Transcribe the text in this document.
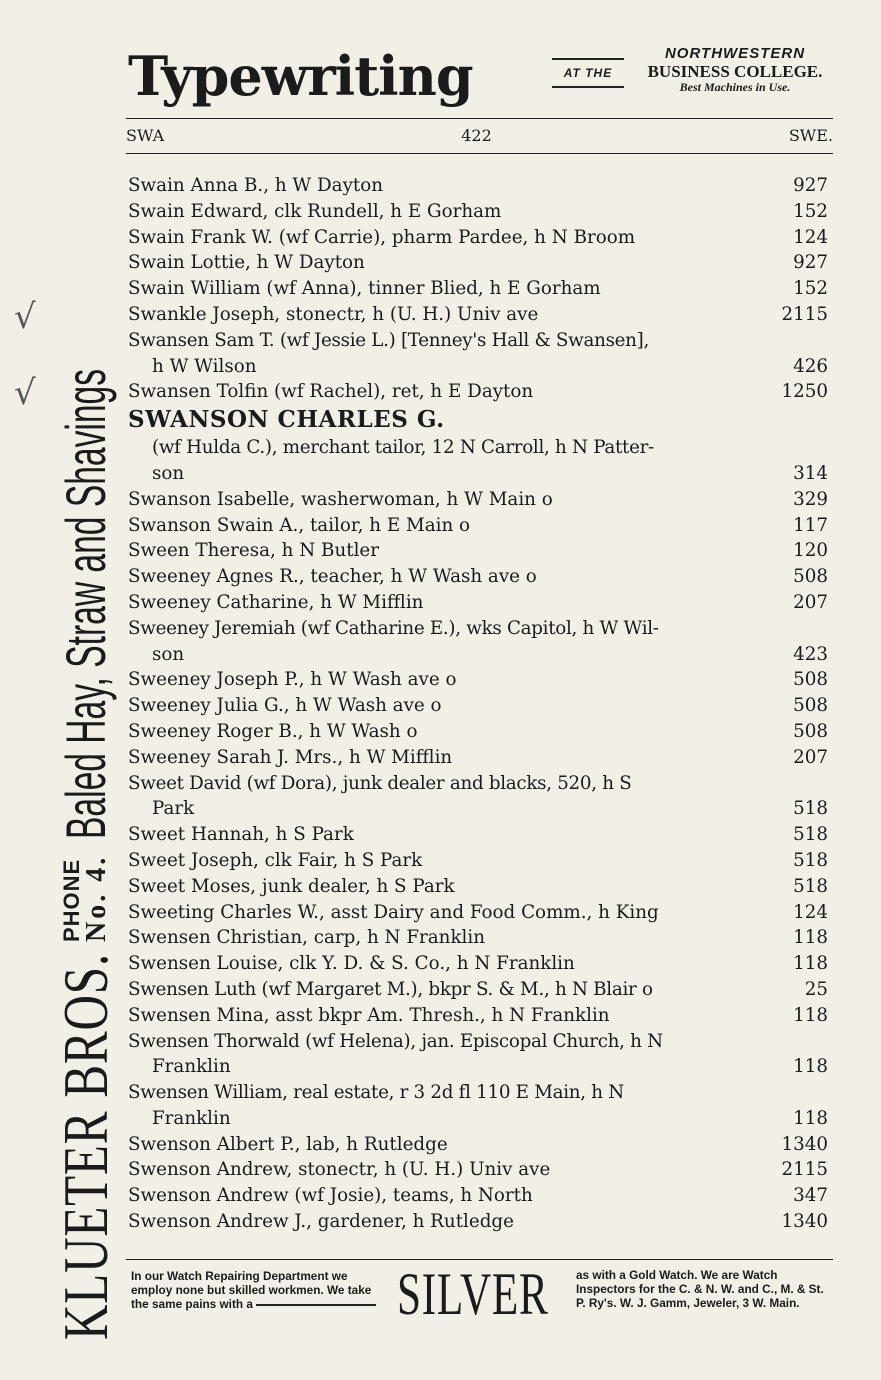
KLUETER BROS.
PHONE
No. 4.
Baled Hay, Straw and Shavings
√
√
Typewriting	AT THE
NORTHWESTERN
BUSINESS COLLEGE.
Best Machines in Use.
SWA	422	SWE.
Swain Anna B., h W Dayton	927
Swain Edward, clk Rundell, h E Gorham	152
Swain Frank W. (wf Carrie), pharm Pardee, h N Broom	124
Swain Lottie, h W Dayton	927
Swain William (wf Anna), tinner Blied, h E Gorham	152
Swankle Joseph, stonectr, h (U. H.) Univ ave	2115
Swansen Sam T. (wf Jessie L.) [Tenney's Hall & Swansen],
h W Wilson	426
Swansen Tolfin (wf Rachel), ret, h E Dayton	1250
SWANSON CHARLES G.
(wf Hulda C.), merchant tailor, 12 N Carroll, h N Patter-
son	314
Swanson Isabelle, washerwoman, h W Main o	329
Swanson Swain A., tailor, h E Main o	117
Sween Theresa, h N Butler	120
Sweeney Agnes R., teacher, h W Wash ave o	508
Sweeney Catharine, h W Mifflin	207
Sweeney Jeremiah (wf Catharine E.), wks Capitol, h W Wil-
son	423
Sweeney Joseph P., h W Wash ave o	508
Sweeney Julia G., h W Wash ave o	508
Sweeney Roger B., h W Wash o	508
Sweeney Sarah J. Mrs., h W Mifflin	207
Sweet David (wf Dora), junk dealer and blacks, 520, h S
Park	518
Sweet Hannah, h S Park	518
Sweet Joseph, clk Fair, h S Park	518
Sweet Moses, junk dealer, h S Park	518
Sweeting Charles W., asst Dairy and Food Comm., h King	124
Swensen Christian, carp, h N Franklin	118
Swensen Louise, clk Y. D. & S. Co., h N Franklin	118
Swensen Luth (wf Margaret M.), bkpr S. & M., h N Blair o	25
Swensen Mina, asst bkpr Am. Thresh., h N Franklin	118
Swensen Thorwald (wf Helena), jan. Episcopal Church, h N
Franklin	118
Swensen William, real estate, r 3 2d fl 110 E Main, h N
Franklin	118
Swenson Albert P., lab, h Rutledge	1340
Swenson Andrew, stonectr, h (U. H.) Univ ave	2115
Swenson Andrew (wf Josie), teams, h North	347
Swenson Andrew J., gardener, h Rutledge	1340
In our Watch Repairing Department we employ none but skilled workmen. We take the same pains with a	SILVER as with a Gold Watch. We are Watch Inspectors for the C. & N. W. and C., M. & St. P. Ry's. W. J. Gamm, Jeweler, 3 W. Main.
